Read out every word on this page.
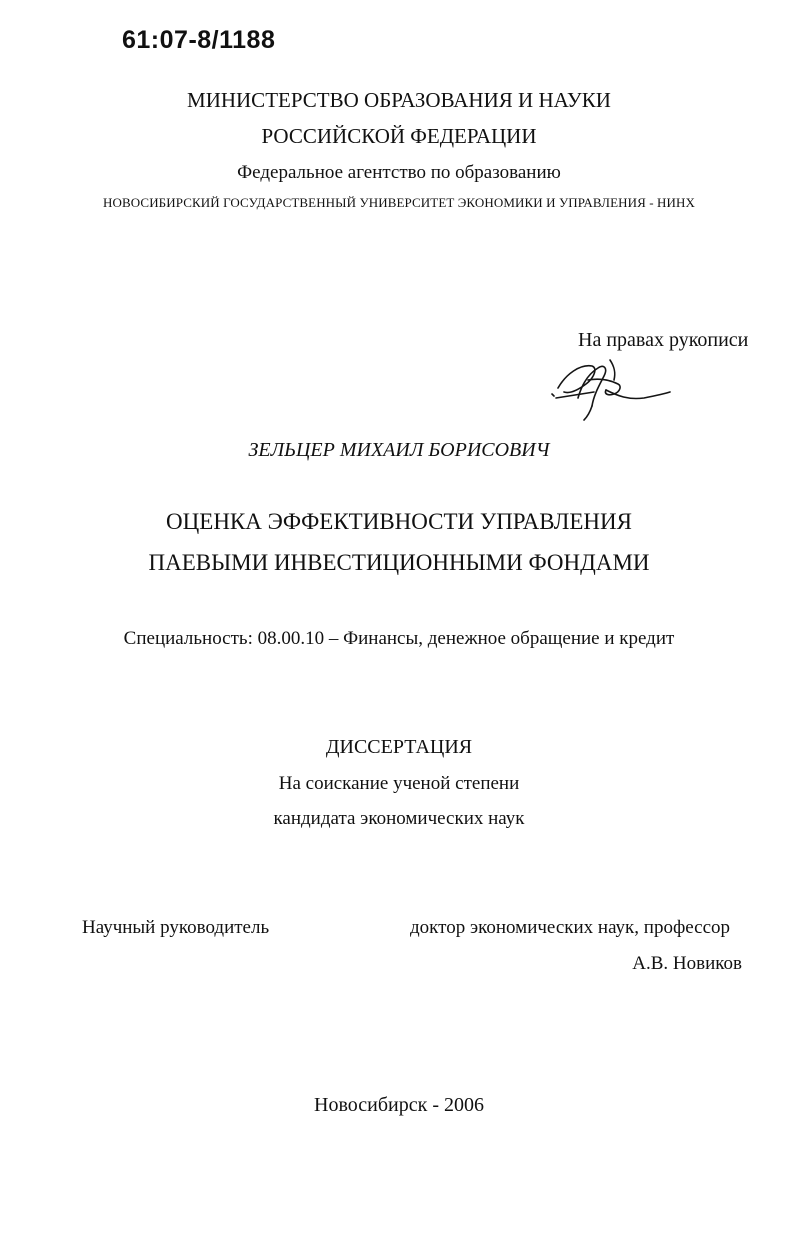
61:07-8/1188
МИНИСТЕРСТВО ОБРАЗОВАНИЯ И НАУКИ
РОССИЙСКОЙ ФЕДЕРАЦИИ
Федеральное агентство по образованию
НОВОСИБИРСКИЙ ГОСУДАРСТВЕННЫЙ УНИВЕРСИТЕТ ЭКОНОМИКИ И УПРАВЛЕНИЯ - НИНХ
На правах рукописи
ЗЕЛЬЦЕР МИХАИЛ БОРИСОВИЧ
ОЦЕНКА ЭФФЕКТИВНОСТИ УПРАВЛЕНИЯ
ПАЕВЫМИ ИНВЕСТИЦИОННЫМИ ФОНДАМИ
Специальность: 08.00.10 – Финансы, денежное обращение и кредит
ДИССЕРТАЦИЯ
На соискание ученой степени
кандидата экономических наук
Научный руководитель	доктор экономических наук, профессор
А.В. Новиков
Новосибирск - 2006
